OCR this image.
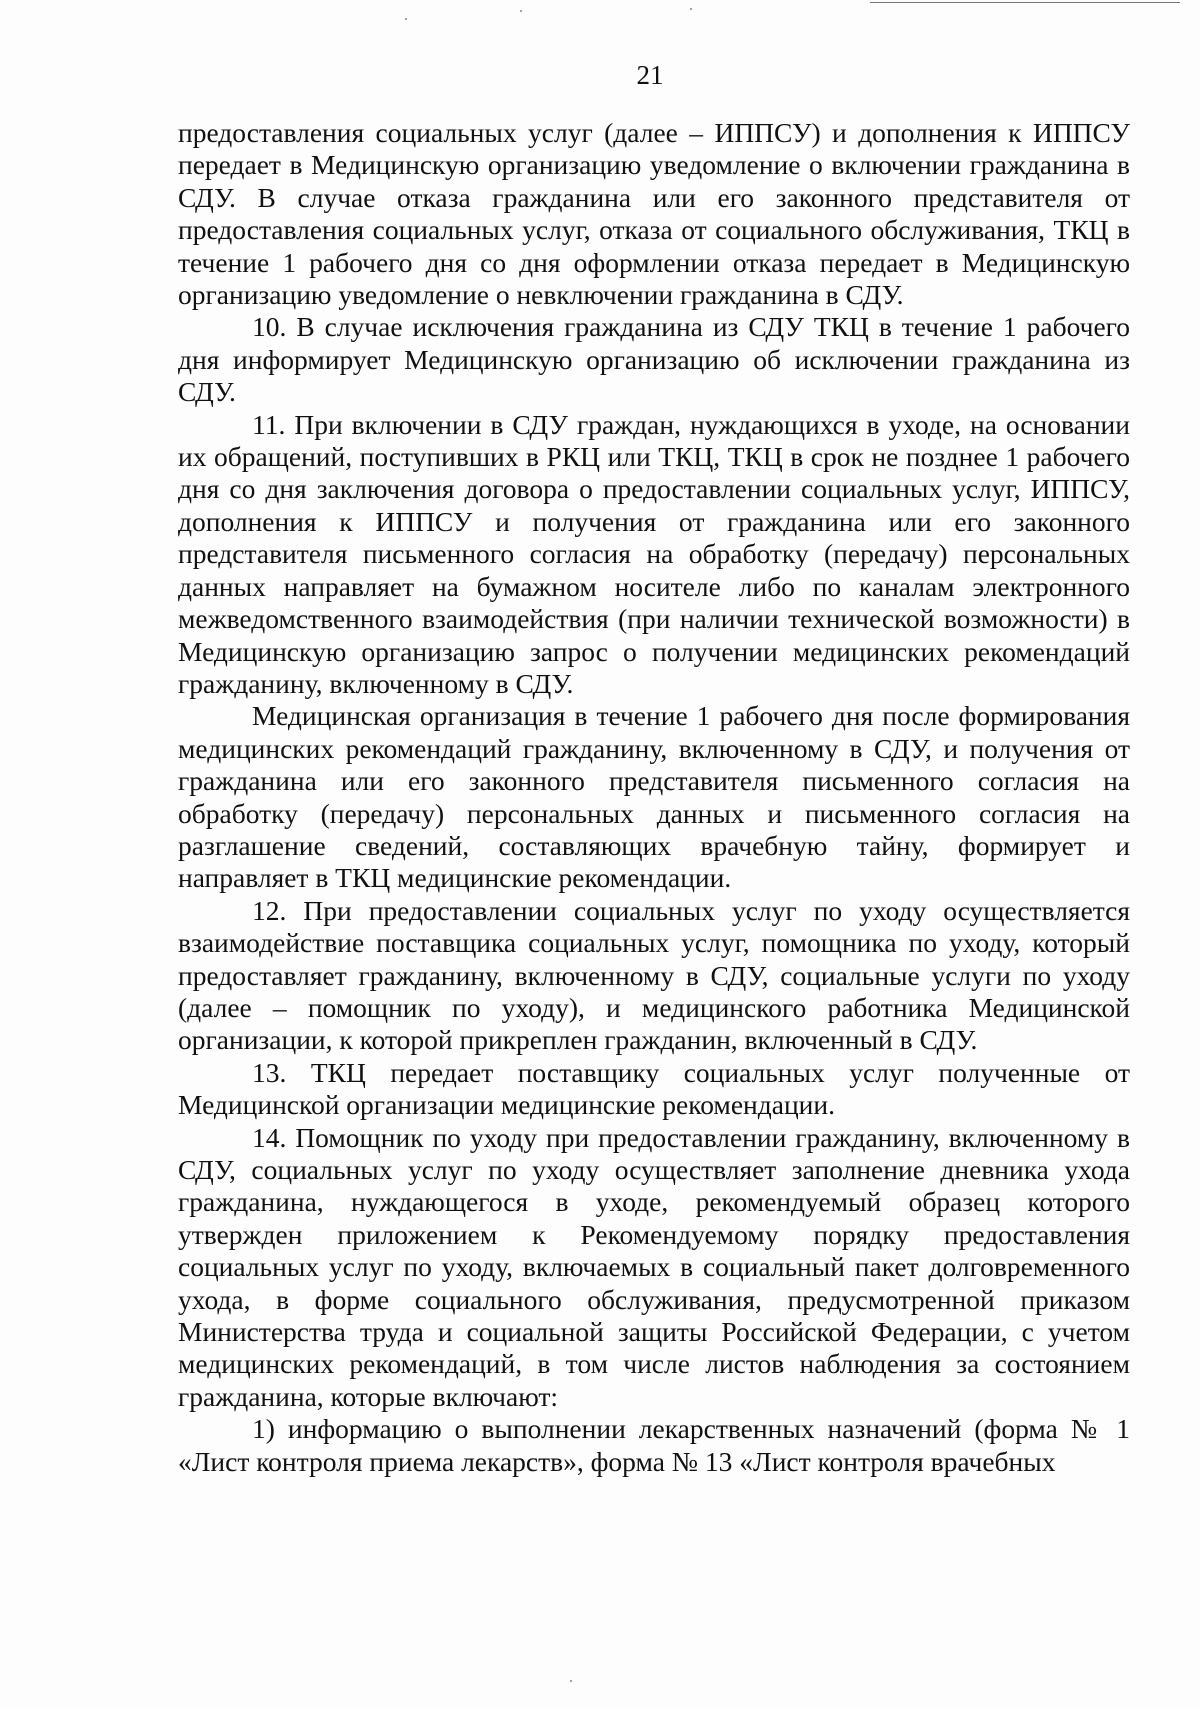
21

предоставления социальных услуг (далее – ИППСУ) и дополнения к ИППСУ передает в Медицинскую организацию уведомление о включении гражданина в СДУ. В случае отказа гражданина или его законного представителя от предоставления социальных услуг, отказа от социального обслуживания, ТКЦ в течение 1 рабочего дня со дня оформлении отказа передает в Медицинскую организацию уведомление о невключении гражданина в СДУ.

10. В случае исключения гражданина из СДУ ТКЦ в течение 1 рабочего дня информирует Медицинскую организацию об исключении гражданина из СДУ.

11. При включении в СДУ граждан, нуждающихся в уходе, на основании их обращений, поступивших в РКЦ или ТКЦ, ТКЦ в срок не позднее 1 рабочего дня со дня заключения договора о предоставлении социальных услуг, ИППСУ, дополнения к ИППСУ и получения от гражданина или его законного представителя письменного согласия на обработку (передачу) персональных данных направляет на бумажном носителе либо по каналам электронного межведомственного взаимодействия (при наличии технической возможности) в Медицинскую организацию запрос о получении медицинских рекомендаций гражданину, включенному в СДУ.

Медицинская организация в течение 1 рабочего дня после формирования медицинских рекомендаций гражданину, включенному в СДУ, и получения от гражданина или его законного представителя письменного согласия на обработку (передачу) персональных данных и письменного согласия на разглашение сведений, составляющих врачебную тайну, формирует и направляет в ТКЦ медицинские рекомендации.

12. При предоставлении социальных услуг по уходу осуществляется взаимодействие поставщика социальных услуг, помощника по уходу, который предоставляет гражданину, включенному в СДУ, социальные услуги по уходу (далее – помощник по уходу), и медицинского работника Медицинской организации, к которой прикреплен гражданин, включенный в СДУ.

13. ТКЦ передает поставщику социальных услуг полученные от Медицинской организации медицинские рекомендации.

14. Помощник по уходу при предоставлении гражданину, включенному в СДУ, социальных услуг по уходу осуществляет заполнение дневника ухода гражданина, нуждающегося в уходе, рекомендуемый образец которого утвержден приложением к Рекомендуемому порядку предоставления социальных услуг по уходу, включаемых в социальный пакет долговременного ухода, в форме социального обслуживания, предусмотренной приказом Министерства труда и социальной защиты Российской Федерации, с учетом медицинских рекомендаций, в том числе листов наблюдения за состоянием гражданина, которые включают:

1) информацию о выполнении лекарственных назначений (форма № 1 «Лист контроля приема лекарств», форма № 13 «Лист контроля врачебных
